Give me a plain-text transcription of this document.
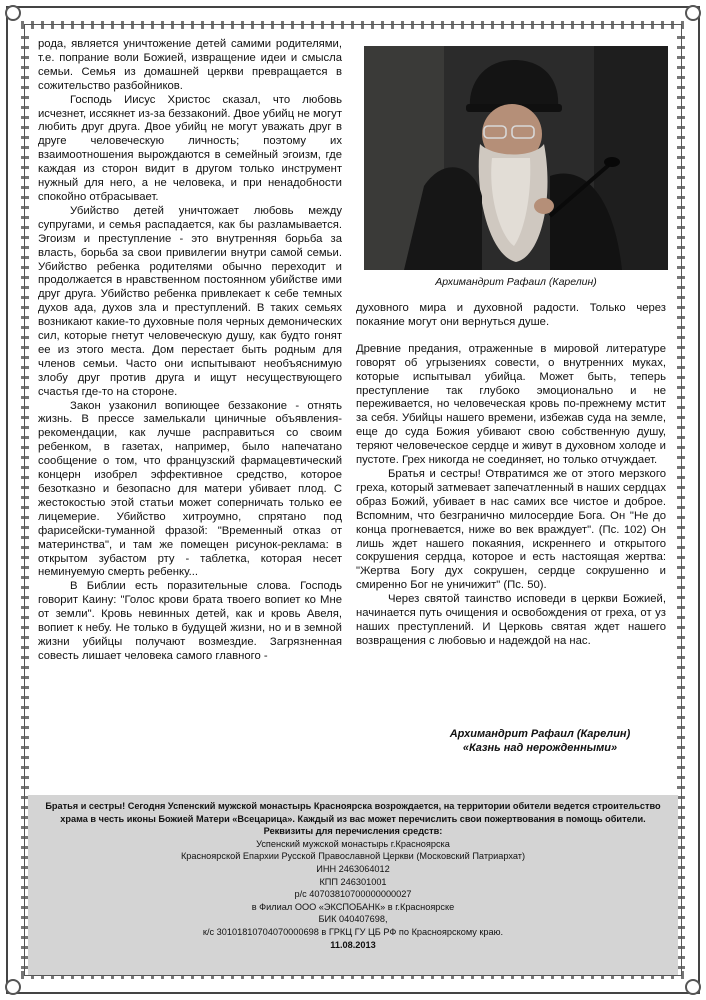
рода, является уничтожение детей самими родителями, т.е. попрание воли Божией, извращение идеи и смысла семьи. Семья из домашней церкви превращается в сожительство разбойников.

Господь Иисус Христос сказал, что любовь исчезнет, иссякнет из-за беззаконий. Двое убийц не могут любить друг друга. Двое убийц не могут уважать друг в друге человеческую личность; поэтому их взаимоотношения вырождаются в семейный эгоизм, где каждая из сторон видит в другом только инструмент нужный для него, а не человека, и при ненадобности спокойно отбрасывает.

Убийство детей уничтожает любовь между супругами, и семья распадается, как бы разламывается. Эгоизм и преступление - это внутренняя борьба за власть, борьба за свои привилегии внутри самой семьи. Убийство ребенка родителями обычно переходит и продолжается в нравственном постоянном убийстве ими друг друга. Убийство ребенка привлекает к себе темных духов ада, духов зла и преступлений. В таких семьях возникают какие-то духовные поля черных демонических сил, которые гнетут человеческую душу, как будто гонят ее из этого места. Дом перестает быть родным для членов семьи. Часто они испытывают необъяснимую злобу друг против друга и ищут несуществующего счастья где-то на стороне.

Закон узаконил вопиющее беззаконие - отнять жизнь. В прессе замелькали циничные объявления-рекомендации, как лучше расправиться со своим ребенком, в газетах, например, было напечатано сообщение о том, что французский фармацевтический концерн изобрел эффективное средство, которое безотказно и безопасно для матери убивает плод. С жестокостью этой статьи может соперничать только ее лицемерие. Убийство хитроумно, спрятано под фарисейски-туманной фразой: "Временный отказ от материнства", и там же помещен рисунок-реклама: в открытом зубастом рту - таблетка, которая несет неминуемую смерть ребенку...

В Библии есть поразительные слова. Господь говорит Каину: "Голос крови брата твоего вопиет ко Мне от земли". Кровь невинных детей, как и кровь Авеля, вопиет к небу. Не только в будущей жизни, но и в земной жизни убийцы получают возмездие. Загрязненная совесть лишает человека самого главного -

Архимандрит Рафаил (Карелин)

духовного мира и духовной радости. Только через покаяние могут они вернуться душе.

Древние предания, отраженные в мировой литературе говорят об угрызениях совести, о внутренних муках, которые испытывал убийца. Может быть, теперь преступление так глубоко эмоционально и не переживается, но человеческая кровь по-прежнему мстит за себя. Убийцы нашего времени, избежав суда на земле, еще до суда Божия убивают свою собственную душу, теряют человеческое сердце и живут в духовном холоде и пустоте. Грех никогда не соединяет, но только отчуждает.

Братья и сестры! Отвратимся же от этого мерзкого греха, который затмевает запечатленный в наших сердцах образ Божий, убивает в нас самих все чистое и доброе. Вспомним, что безгранично милосердие Бога. Он "Не до конца прогневается, ниже во век враждует". (Пс. 102) Он лишь ждет нашего покаяния, искреннего и открытого сокрушения сердца, которое и есть настоящая жертва: "Жертва Богу дух сокрушен, сердце сокрушенно и смиренно Бог не уничижит" (Пс. 50).

Через святой таинство исповеди в церкви Божией, начинается путь очищения и освобождения от греха, от уз наших преступлений. И Церковь святая ждет нашего возвращения с любовью и надеждой на нас.

Архимандрит Рафаил (Карелин)
«Казнь над нерожденными»
Братья и сестры! Сегодня Успенский мужской монастырь Красноярска возрождается, на территории обители ведется строительство храма в честь иконы Божией Матери «Всецарица». Каждый из вас может перечислить свои пожертвования в помощь обители. Реквизиты для перечисления средств:
Успенский мужской монастырь г.Красноярска
Красноярской Епархии Русской Православной Церкви (Московский Патриархат)
ИНН 2463064012
КПП 246301001
р/с 40703810700000000027
в Филиал ООО «ЭКСПОБАНК» в г.Красноярске
БИК 040407698,
к/с 30101810704070000698 в ГРКЦ ГУ ЦБ РФ по Красноярскому краю.
11.08.2013
